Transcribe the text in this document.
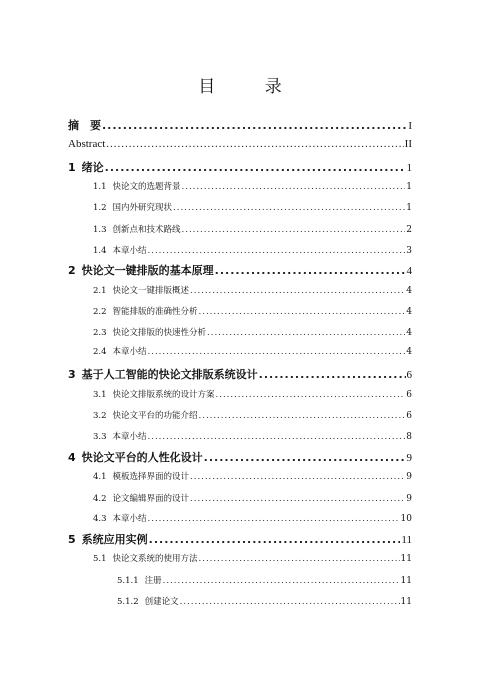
目 录
摘　要 .....	I
Abstract .....	II
1 绪论 .....	1
1.1 快论文的选题背景 .....	1
1.2 国内外研究现状 .....	1
1.3 创新点和技术路线 .....	2
1.4 本章小结 .....	3
2 快论文一键排版的基本原理 .....	4
2.1 快论文一键排版概述 .....	4
2.2 智能排版的准确性分析 .....	4
2.3 快论文排版的快速性分析 .....	4
2.4 本章小结 .....	4
3 基于人工智能的快论文排版系统设计 .....	6
3.1 快论文排版系统的设计方案 .....	6
3.2 快论文平台的功能介绍 .....	6
3.3 本章小结 .....	8
4 快论文平台的人性化设计 .....	9
4.1 模板选择界面的设计 .....	9
4.2 论文编辑界面的设计 .....	9
4.3 本章小结 .....	10
5 系统应用实例 .....	11
5.1 快论文系统的使用方法 .....	11
5.1.1 注册 .....	11
5.1.2 创建论文 .....	11
